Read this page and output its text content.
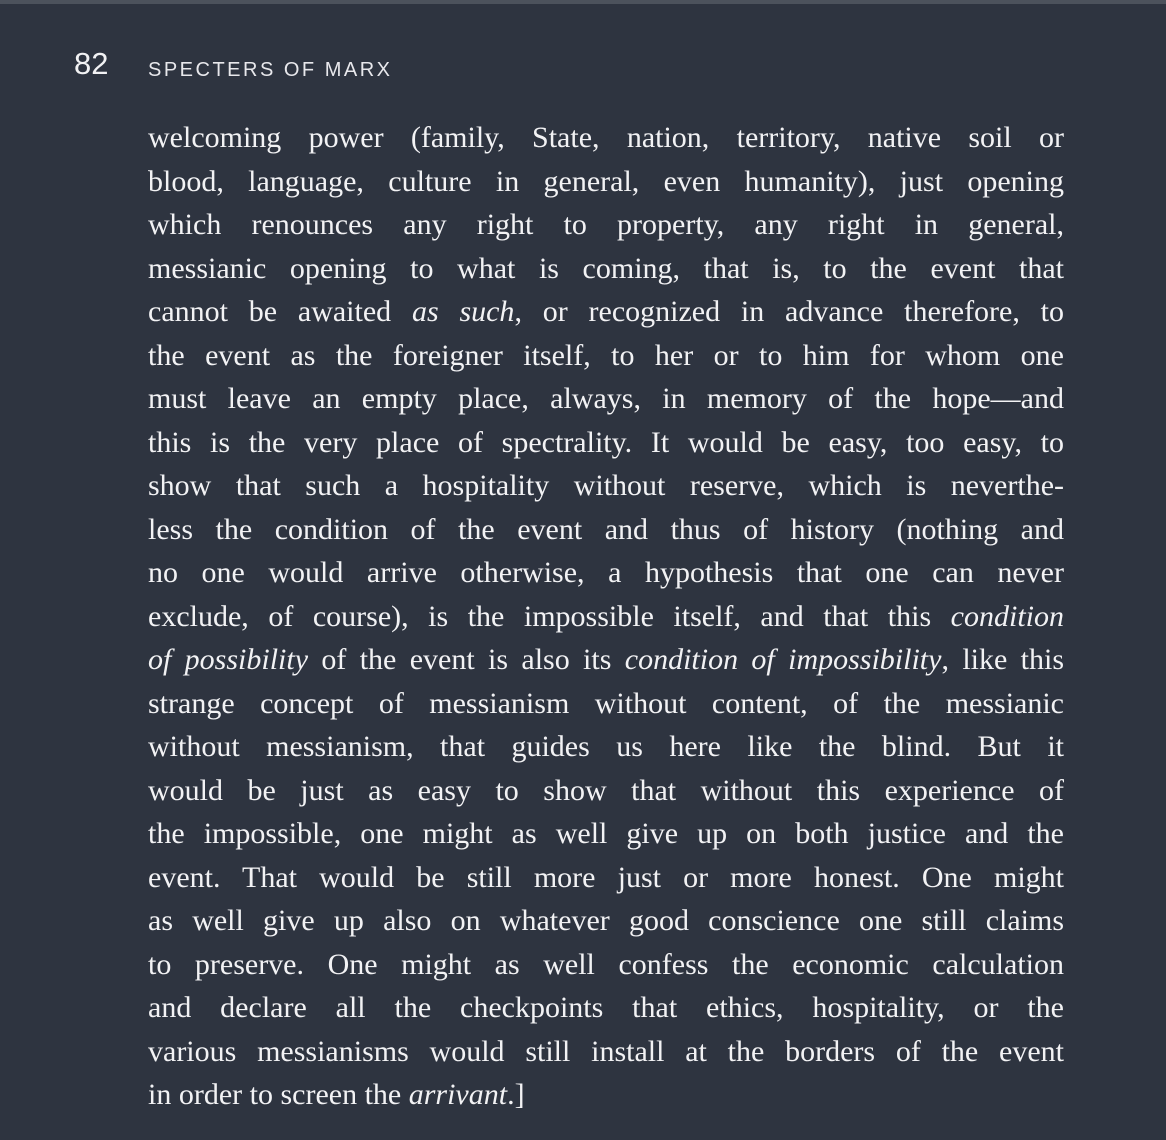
82 SPECTERS OF MARX
welcoming power (family, State, nation, territory, native soil or
blood, language, culture in general, even humanity), just opening
which renounces any right to property, any right in general,
messianic opening to what is coming, that is, to the event that
cannot be awaited as such, or recognized in advance therefore, to
the event as the foreigner itself, to her or to him for whom one
must leave an empty place, always, in memory of the hope—and
this is the very place of spectrality. It would be easy, too easy, to
show that such a hospitality without reserve, which is neverthe-
less the condition of the event and thus of history (nothing and
no one would arrive otherwise, a hypothesis that one can never
exclude, of course), is the impossible itself, and that this condition
of possibility of the event is also its condition of impossibility, like this
strange concept of messianism without content, of the messianic
without messianism, that guides us here like the blind. But it
would be just as easy to show that without this experience of
the impossible, one might as well give up on both justice and the
event. That would be still more just or more honest. One might
as well give up also on whatever good conscience one still claims
to preserve. One might as well confess the economic calculation
and declare all the checkpoints that ethics, hospitality, or the
various messianisms would still install at the borders of the event
in order to screen the arrivant.]
